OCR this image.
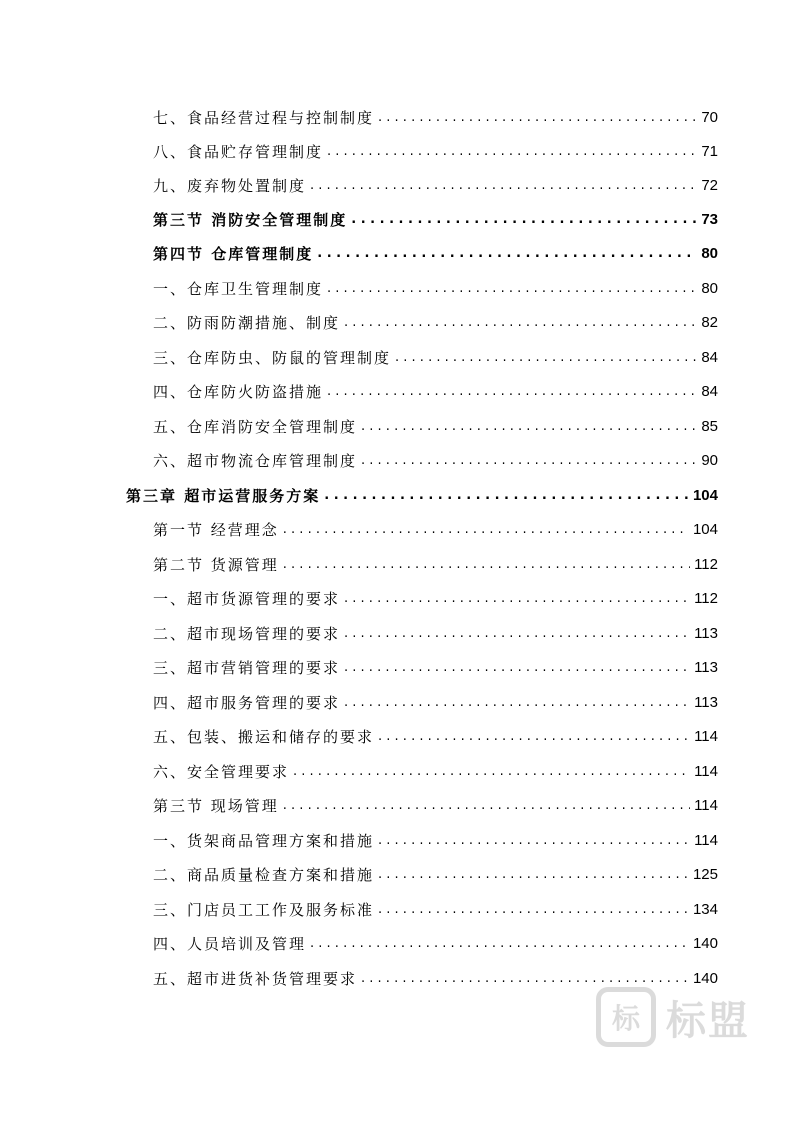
七、食品经营过程与控制制度 . . .	70
八、食品贮存管理制度 . . .	71
九、废弃物处置制度 . . .	72
第三节 消防安全管理制度 . . .	73
第四节 仓库管理制度 . . .	80
一、仓库卫生管理制度 . . .	80
二、防雨防潮措施、制度 . . .	82
三、仓库防虫、防鼠的管理制度 . . .	84
四、仓库防火防盗措施 . . .	84
五、仓库消防安全管理制度 . . .	85
六、超市物流仓库管理制度 . . .	90
第三章 超市运营服务方案 . . .	104
第一节 经营理念 . . .	104
第二节 货源管理 . . .	112
一、超市货源管理的要求 . . .	112
二、超市现场管理的要求 . . .	113
三、超市营销管理的要求 . . .	113
四、超市服务管理的要求 . . .	113
五、包装、搬运和储存的要求 . . .	114
六、安全管理要求 . . .	114
第三节 现场管理 . . .	114
一、货架商品管理方案和措施 . . .	114
二、商品质量检查方案和措施 . . .	125
三、门店员工工作及服务标准 . . .	134
四、人员培训及管理 . . .	140
五、超市进货补货管理要求 . . .	140
标 标盟
